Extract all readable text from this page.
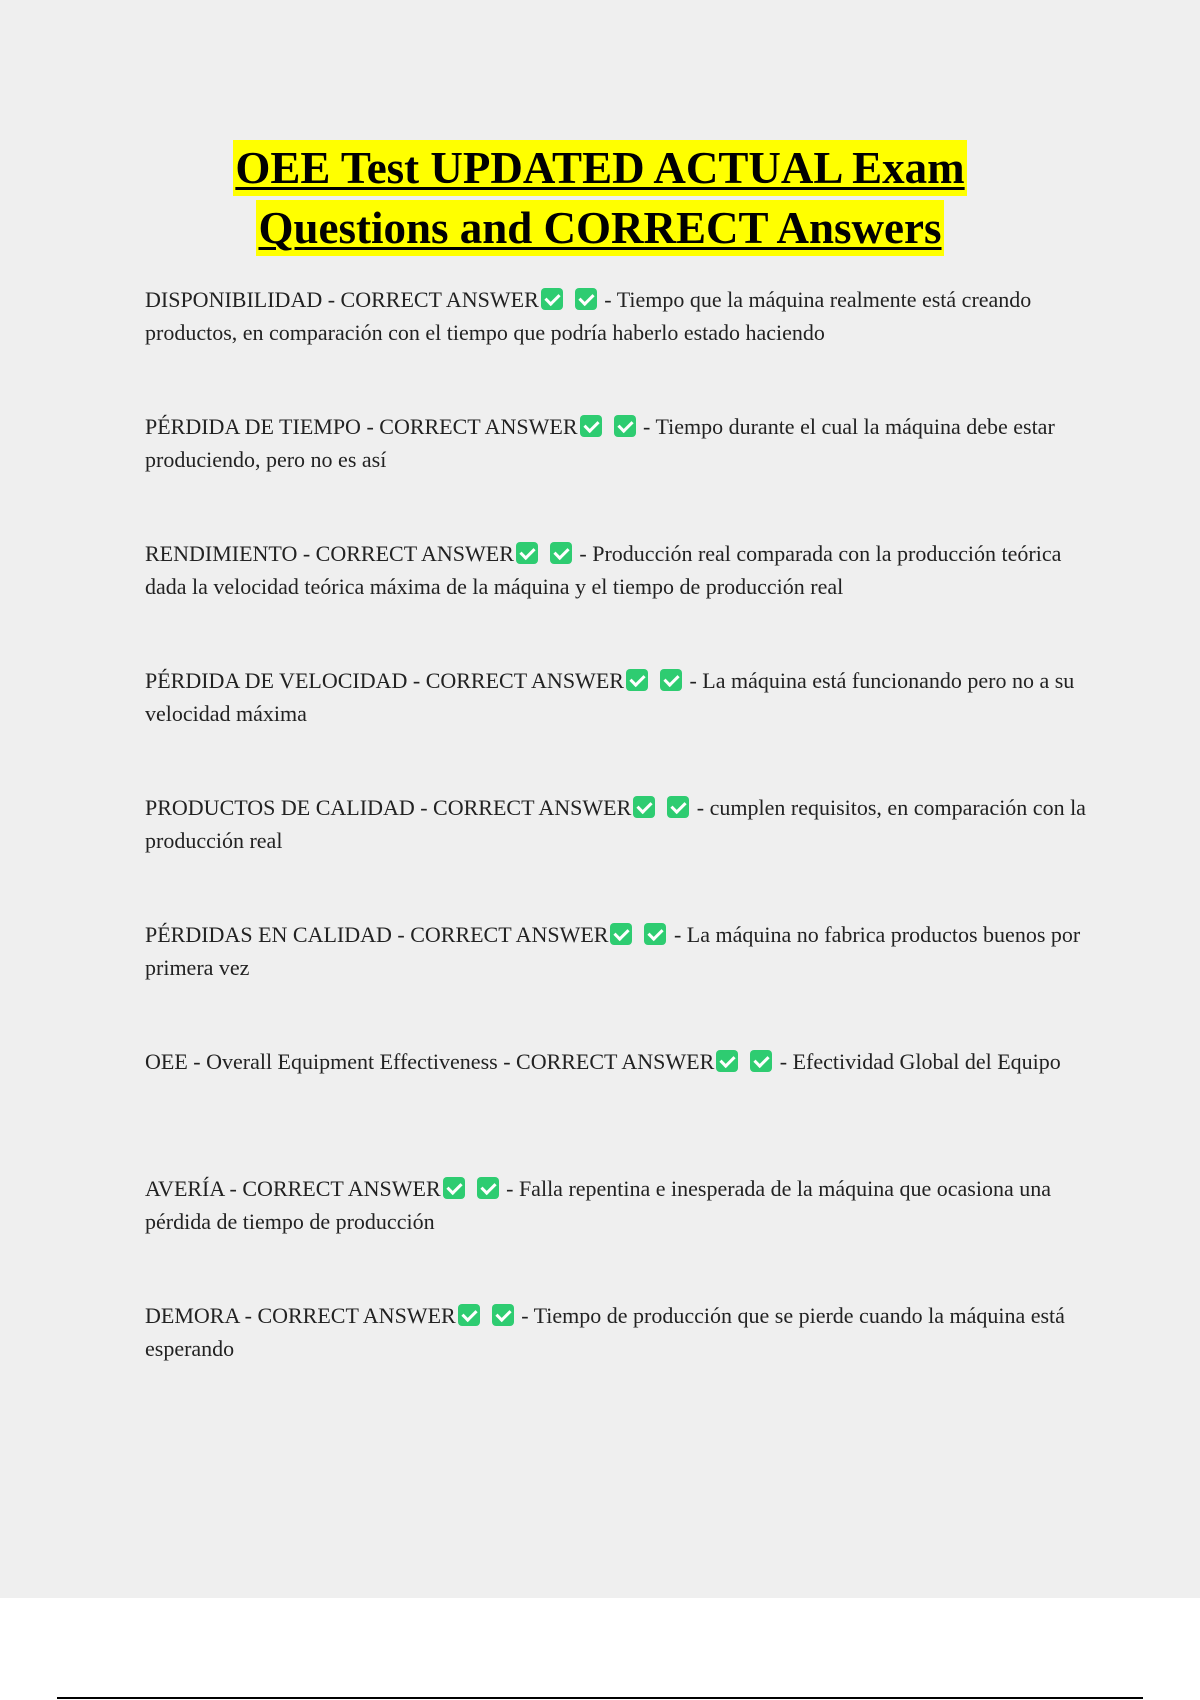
OEE Test UPDATED ACTUAL Exam
Questions and CORRECT Answers
DISPONIBILIDAD - CORRECT ANSWER	- Tiempo que la máquina realmente está creando productos, en comparación con el tiempo que podría haberlo estado haciendo
PÉRDIDA DE TIEMPO - CORRECT ANSWER	- Tiempo durante el cual la máquina debe estar produciendo, pero no es así
RENDIMIENTO - CORRECT ANSWER	- Producción real comparada con la producción teórica dada la velocidad teórica máxima de la máquina y el tiempo de producción real
PÉRDIDA DE VELOCIDAD - CORRECT ANSWER	- La máquina está funcionando pero no a su velocidad máxima
PRODUCTOS DE CALIDAD - CORRECT ANSWER	- cumplen requisitos, en comparación con la producción real
PÉRDIDAS EN CALIDAD - CORRECT ANSWER	- La máquina no fabrica productos buenos por primera vez
OEE - Overall Equipment Effectiveness - CORRECT ANSWER	- Efectividad Global del Equipo
AVERÍA - CORRECT ANSWER	- Falla repentina e inesperada de la máquina que ocasiona una pérdida de tiempo de producción
DEMORA - CORRECT ANSWER	- Tiempo de producción que se pierde cuando la máquina está esperando
